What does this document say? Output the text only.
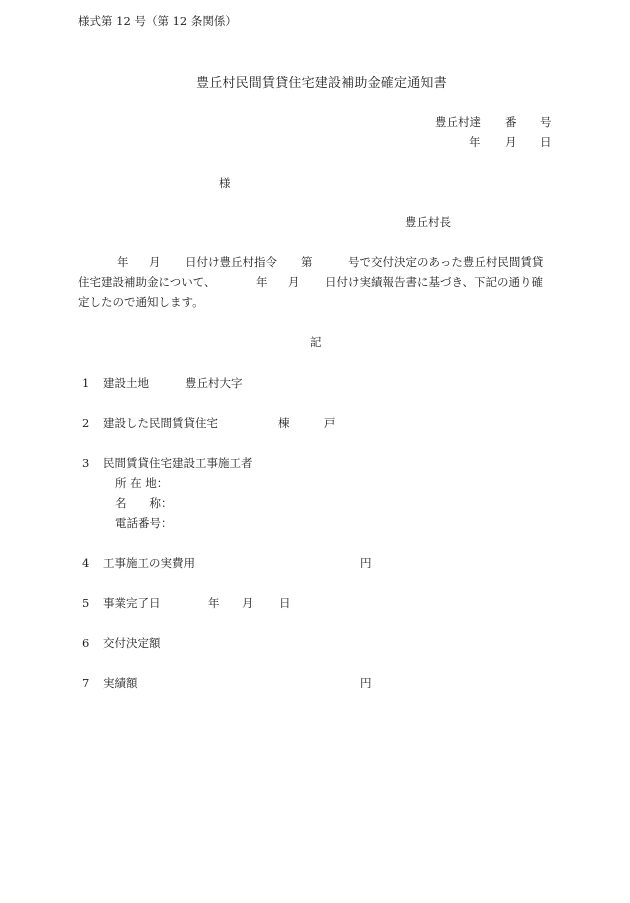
様式第 12 号（第 12 条関係）
豊丘村民間賃貸住宅建設補助金確定通知書
豊丘村達 番 号
年 月 日
様
豊丘村長
年 月 日付け豊丘村指令 第	号で交付決定のあった豊丘村民間賃貸
住宅建設補助金について、	年 月 日付け実績報告書に基づき、下記の通り確
定したので通知します。
記
1 建設土地	豊丘村大字
2 建設した民間賃貸住宅	棟	戸
3 民間賃貸住宅建設工事施工者
所 在 地：
名　　称：
電話番号：
4 工事施工の実費用	円
5 事業完了日	年 月 日
6 交付決定額
7 実績額	円
